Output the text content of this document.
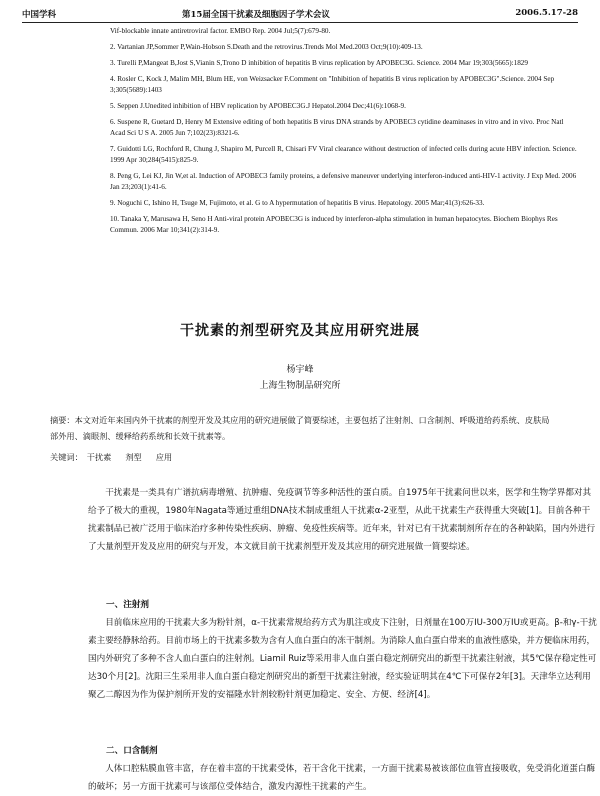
中国学科	第15届全国干扰素及细胞因子学术会议	2006.5.17-28
Vif-blockable innate antiretroviral factor. EMBO Rep. 2004 Jul;5(7):679-80.
2. Vartanian JP,Sommer P,Wain-Hobson S.Death and the retrovirus.Trends Mol Med.2003 Oct;9(10):409-13.
3. Turelli P,Mangeat B,Jost S,Vianin S,Trono D inhibition of hepatitis B virus replication by APOBEC3G. Science. 2004 Mar 19;303(5665):1829
4. Rosler C, Kock J, Malim MH, Blum HE, von Weizsacker F.Comment on "Inhibition of hepatitis B virus replication by APOBEC3G".Science. 2004 Sep 3;305(5689):1403
5. Seppen J.Unedited inhibition of HBV replication by APOBEC3G.J Hepatol.2004 Dec;41(6):1068-9.
6. Suspene R, Guetard D, Henry M Extensive editing of both hepatitis B virus DNA strands by APOBEC3 cytidine deaminases in vitro and in vivo. Proc Natl Acad Sci U S A. 2005 Jun 7;102(23):8321-6.
7. Guidotti LG, Rochford R, Chung J, Shapiro M, Purcell R, Chisari FV Viral clearance without destruction of infected cells during acute HBV infection. Science. 1999 Apr 30;284(5415):825-9.
8. Peng G, Lei KJ, Jin W,et al. Induction of APOBEC3 family proteins, a defensive maneuver underlying interferon-induced anti-HIV-1 activity. J Exp Med. 2006 Jan 23;203(1):41-6.
9. Noguchi C, Ishino H, Tsuge M, Fujimoto, et al. G to A hypermutation of hepatitis B virus. Hepatology. 2005 Mar;41(3):626-33.
10. Tanaka Y, Marusawa H, Seno H Anti-viral protein APOBEC3G is induced by interferon-alpha stimulation in human hepatocytes. Biochem Biophys Res Commun. 2006 Mar 10;341(2):314-9.
干扰素的剂型研究及其应用研究进展
杨宇峰
上海生物制品研究所
摘要：本文对近年来国内外干扰素的剂型开发及其应用的研究进展做了简要综述，主要包括了注射剂、口含制剂、呼吸道给药系统、皮肤局部外用、滴眼剂、缓释给药系统和长效干扰素等。
关键词： 干扰素 剂型 应用
干扰素是一类具有广谱抗病毒增殖、抗肿瘤、免疫调节等多种活性的蛋白质。自1975年干扰素问世以来，医学和生物学界都对其给予了极大的重视，1980年Nagata等通过重组DNA技术制成重组人干扰素α-2亚型，从此干扰素生产获得重大突破[1]。目前各种干扰素制品已被广泛用于临床治疗多种传染性疾病、肿瘤、免疫性疾病等。近年来，针对已有干扰素制剂所存在的各种缺陷，国内外进行了大量剂型开发及应用的研究与开发，本文就目前干扰素剂型开发及其应用的研究进展做一简要综述。
一、注射剂
目前临床应用的干扰素大多为粉针剂，α-干扰素常规给药方式为肌注或皮下注射，日剂量在100万IU-300万IU或更高。β-和γ-干扰素主要经静脉给药。目前市场上的干扰素多数为含有人血白蛋白的冻干制剂。为消除人血白蛋白带来的血液性感染，并方便临床用药，国内外研究了多种不含人血白蛋白的注射剂。Liamil Ruiz等采用非人血白蛋白稳定剂研究出的新型干扰素注射液，其5℃保存稳定性可达30个月[2]。沈阳三生采用非人血白蛋白稳定剂研究出的新型干扰素注射液，经实验证明其在4℃下可保存2年[3]。天津华立达利用聚乙二醇因为作为保护剂所开发的安福隆水针剂较粉针剂更加稳定、安全、方便、经济[4]。
二、口含制剂
人体口腔粘膜血管丰富，存在着丰富的干扰素受体，若干含化干扰素，一方面干扰素易被该部位血管直接吸收，免受消化道蛋白酶的破坏；另一方面干扰素可与该部位受体结合，激发内源性干扰素的产生。
